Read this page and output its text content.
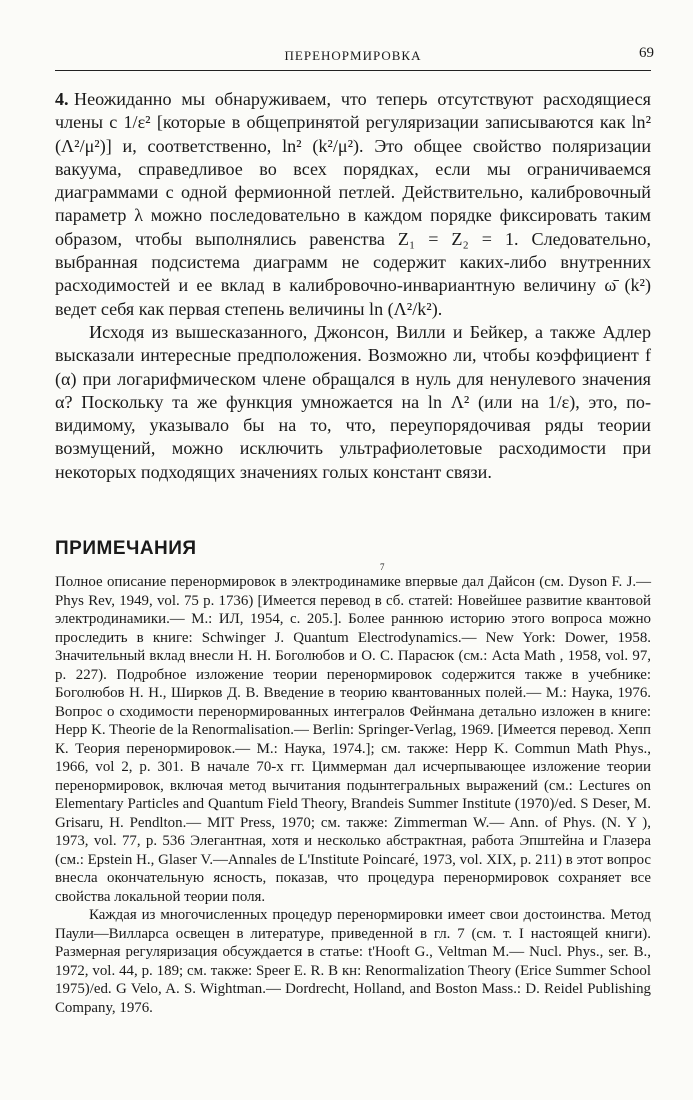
ПЕРЕНОРМИРОВКА	69

4. Неожиданно мы обнаруживаем, что теперь отсутствуют расходящиеся члены с 1/ε² [которые в общепринятой регуляризации записываются как ln² (Λ²/μ²)] и, соответственно, ln² (k²/μ²). Это общее свойство поляризации вакуума, справедливое во всех порядках, если мы ограничиваемся диаграммами с одной фермионной петлей. Действительно, калибровочный параметр λ можно последовательно в каждом порядке фиксировать таким образом, чтобы выполнялись равенства Z₁ = Z₂ = 1. Следовательно, выбранная подсистема диаграмм не содержит каких-либо внутренних расходимостей и ее вклад в калибровочно-инвариантную величину ω̄ (k²) ведет себя как первая степень величины ln (Λ²/k²).

Исходя из вышесказанного, Джонсон, Вилли и Бейкер, а также Адлер высказали интересные предположения. Возможно ли, чтобы коэффициент f (α) при логарифмическом члене обращался в нуль для ненулевого значения α? Поскольку та же функция умножается на ln Λ² (или на 1/ε), это, по-видимому, указывало бы на то, что, переупорядочивая ряды теории возмущений, можно исключить ультрафиолетовые расходимости при некоторых подходящих значениях голых констант связи.

ПРИМЕЧАНИЯ
7

Полное описание перенормировок в электродинамике впервые дал Дайсон (см. Dyson F. J.— Phys Rev, 1949, vol. 75 p. 1736) [Имеется перевод в сб. статей: Новейшее развитие квантовой электродинамики.— М.: ИЛ, 1954, с. 205.]. Более раннюю историю этого вопроса можно проследить в книге: Schwinger J. Quantum Electrodynamics.— New York: Dower, 1958. Значительный вклад внесли Н. Н. Боголюбов и О. С. Парасюк (см.: Acta Math , 1958, vol. 97, p. 227). Подробное изложение теории перенормировок содержится также в учебнике: Боголюбов Н. Н., Ширков Д. В. Введение в теорию квантованных полей.— М.: Наука, 1976. Вопрос о сходимости перенормированных интегралов Фейнмана детально изложен в книге: Hepp K. Theorie de la Renormalisation.— Berlin: Springer-Verlag, 1969. [Имеется перевод. Хепп К. Теория перенормировок.— М.: Наука, 1974.]; см. также: Hepp K. Commun Math Phys., 1966, vol 2, p. 301. В начале 70-х гг. Циммерман дал исчерпывающее изложение теории перенормировок, включая метод вычитания подынтегральных выражений (см.: Lectures on Elementary Particles and Quantum Field Theory, Brandeis Summer Institute (1970)/ed. S Deser, M. Grisaru, H. Pendlton.— MIT Press, 1970; см. также: Zimmerman W.— Ann. of Phys. (N. Y ), 1973, vol. 77, p. 536 Элегантная, хотя и несколько абстрактная, работа Эпштейна и Глазера (см.: Epstein H., Glaser V.—Annales de L'Institute Poincaré, 1973, vol. XIX, p. 211) в этот вопрос внесла окончательную ясность, показав, что процедура перенормировок сохраняет все свойства локальной теории поля.

Каждая из многочисленных процедур перенормировки имеет свои достоинства. Метод Паули—Вилларса освещен в литературе, приведенной в гл. 7 (см. т. I настоящей книги). Размерная регуляризация обсуждается в статье: t'Hooft G., Veltman M.— Nucl. Phys., ser. B., 1972, vol. 44, p. 189; см. также: Speer E. R. В кн: Renormalization Theory (Erice Summer School 1975)/ed. G Velo, A. S. Wightman.— Dordrecht, Holland, and Boston Mass.: D. Reidel Publishing Company, 1976.
